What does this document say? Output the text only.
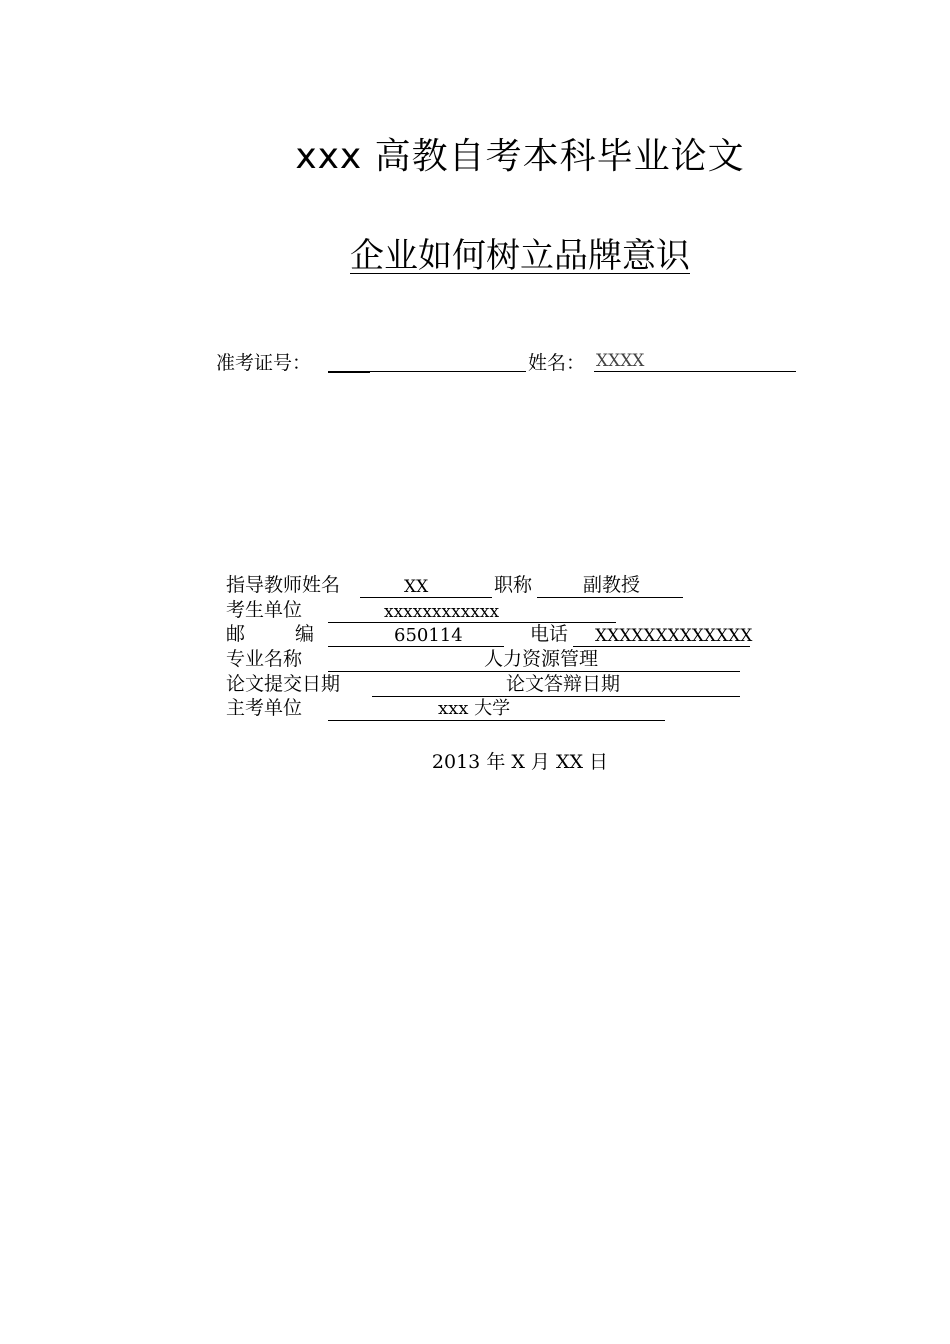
xxx 高教自考本科毕业论文
企业如何树立品牌意识
准考证号：	姓名： XXXX
指导教师姓名	XX	职称	副教授
考生单位	xxxxxxxxxxxx
邮	编	650114	电话 XXXXXXXXXXXXX
专业名称	人力资源管理
论文提交日期	论文答辩日期
主考单位	xxx 大学
2013 年 X 月 XX 日
